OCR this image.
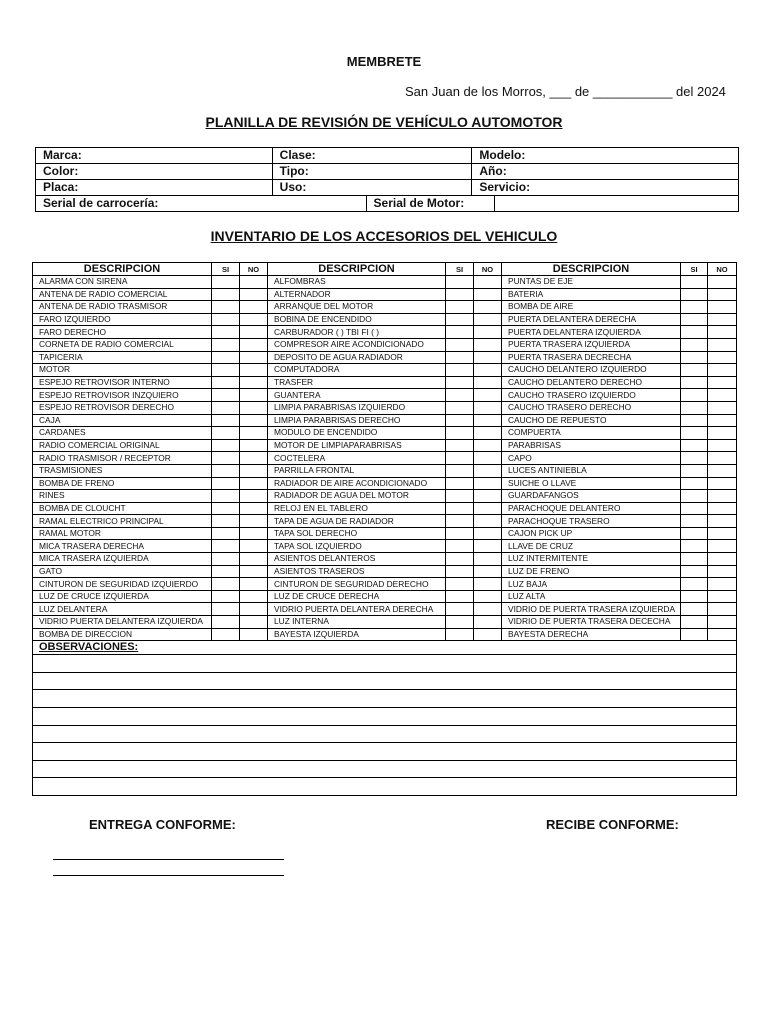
MEMBRETE
San Juan de los Morros, ___ de ___________ del 2024
PLANILLA DE REVISIÓN DE VEHÍCULO AUTOMOTOR
Marca:	Clase:		Modelo:	
Color:	Tipo:		Año:	
Placa:	Uso:		Servicio:	
Serial de carrocería:		Serial de Motor:		
INVENTARIO DE LOS ACCESORIOS DEL VEHICULO
DESCRIPCION	SI	NO	DESCRIPCION	SI	NO	DESCRIPCION	SI	NO
ALARMA CON SIRENA			ALFOMBRAS			PUNTAS DE EJE		
ANTENA DE RADIO COMERCIAL			ALTERNADOR			BATERIA		
ANTENA DE RADIO TRASMISOR			ARRANQUE DEL MOTOR			BOMBA DE AIRE		
FARO IZQUIERDO			BOBINA DE ENCENDIDO			PUERTA DELANTERA DERECHA		
FARO DERECHO			CARBURADOR ( ) TBI FI ( )			PUERTA DELANTERA IZQUIERDA		
CORNETA DE RADIO COMERCIAL			COMPRESOR AIRE ACONDICIONADO			PUERTA TRASERA IZQUIERDA		
TAPICERIA			DEPOSITO DE AGUA RADIADOR			PUERTA TRASERA DECRECHA		
MOTOR			COMPUTADORA			CAUCHO DELANTERO IZQUIERDO		
ESPEJO RETROVISOR INTERNO			TRASFER			CAUCHO DELANTERO DERECHO		
ESPEJO RETROVISOR INZQUIERO			GUANTERA			CAUCHO TRASERO IZQUIERDO		
ESPEJO RETROVISOR DERECHO			LIMPIA PARABRISAS IZQUIERDO			CAUCHO TRASERO DERECHO		
CAJA			LIMPIA PARABRISAS DERECHO			CAUCHO DE REPUESTO		
CARDANES			MODULO DE ENCENDIDO			COMPUERTA		
RADIO COMERCIAL ORIGINAL			MOTOR DE LIMPIAPARABRISAS			PARABRISAS		
RADIO TRASMISOR / RECEPTOR			COCTELERA			CAPO		
TRASMISIONES			PARRILLA FRONTAL			LUCES ANTINIEBLA		
BOMBA DE FRENO			RADIADOR DE AIRE ACONDICIONADO			SUICHE O LLAVE		
RINES			RADIADOR DE AGUA DEL MOTOR			GUARDAFANGOS		
BOMBA DE CLOUCHT			RELOJ EN EL TABLERO			PARACHOQUE DELANTERO		
RAMAL ELECTRICO PRINCIPAL			TAPA DE AGUA DE RADIADOR			PARACHOQUE TRASERO		
RAMAL MOTOR			TAPA SOL DERECHO			CAJON PICK UP		
MICA TRASERA DERECHA			TAPA SOL IZQUIERDO			LLAVE DE CRUZ		
MICA TRASERA IZQUIERDA			ASIENTOS DELANTEROS			LUZ INTERMITENTE		
GATO			ASIENTOS TRASEROS			LUZ DE FRENO		
CINTURON DE SEGURIDAD IZQUIERDO			CINTURON DE SEGURIDAD DERECHO			LUZ BAJA		
LUZ DE CRUCE IZQUIERDA			LUZ DE CRUCE DERECHA			LUZ ALTA		
LUZ DELANTERA			VIDRIO PUERTA DELANTERA DERECHA			VIDRIO DE PUERTA TRASERA IZQUIERDA		
VIDRIO PUERTA DELANTERA IZQUIERDA			LUZ INTERNA			VIDRIO DE PUERTA TRASERA DECECHA		
BOMBA DE DIRECCION			BAYESTA IZQUIERDA			BAYESTA DERECHA		
OBSERVACIONES:								

ENTREGA CONFORME:	RECIBE CONFORME:
